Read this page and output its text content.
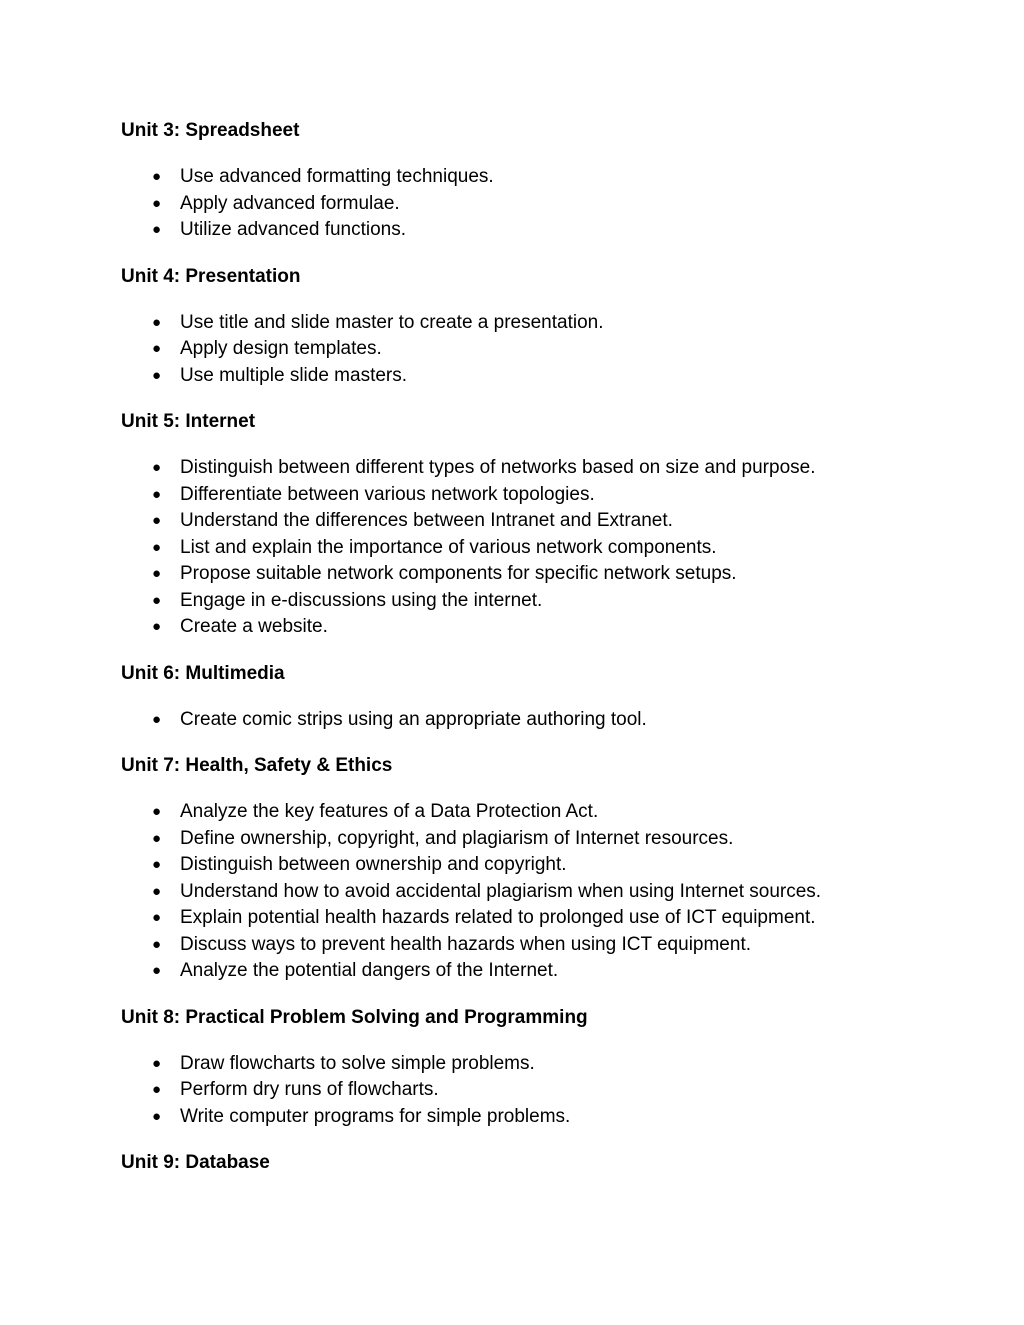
Unit 3: Spreadsheet
● Use advanced formatting techniques.
● Apply advanced formulae.
● Utilize advanced functions.
Unit 4: Presentation
● Use title and slide master to create a presentation.
● Apply design templates.
● Use multiple slide masters.
Unit 5: Internet
● Distinguish between different types of networks based on size and purpose.
● Differentiate between various network topologies.
● Understand the differences between Intranet and Extranet.
● List and explain the importance of various network components.
● Propose suitable network components for specific network setups.
● Engage in e-discussions using the internet.
● Create a website.
Unit 6: Multimedia
● Create comic strips using an appropriate authoring tool.
Unit 7: Health, Safety & Ethics
● Analyze the key features of a Data Protection Act.
● Define ownership, copyright, and plagiarism of Internet resources.
● Distinguish between ownership and copyright.
● Understand how to avoid accidental plagiarism when using Internet sources.
● Explain potential health hazards related to prolonged use of ICT equipment.
● Discuss ways to prevent health hazards when using ICT equipment.
● Analyze the potential dangers of the Internet.
Unit 8: Practical Problem Solving and Programming
● Draw flowcharts to solve simple problems.
● Perform dry runs of flowcharts.
● Write computer programs for simple problems.
Unit 9: Database
